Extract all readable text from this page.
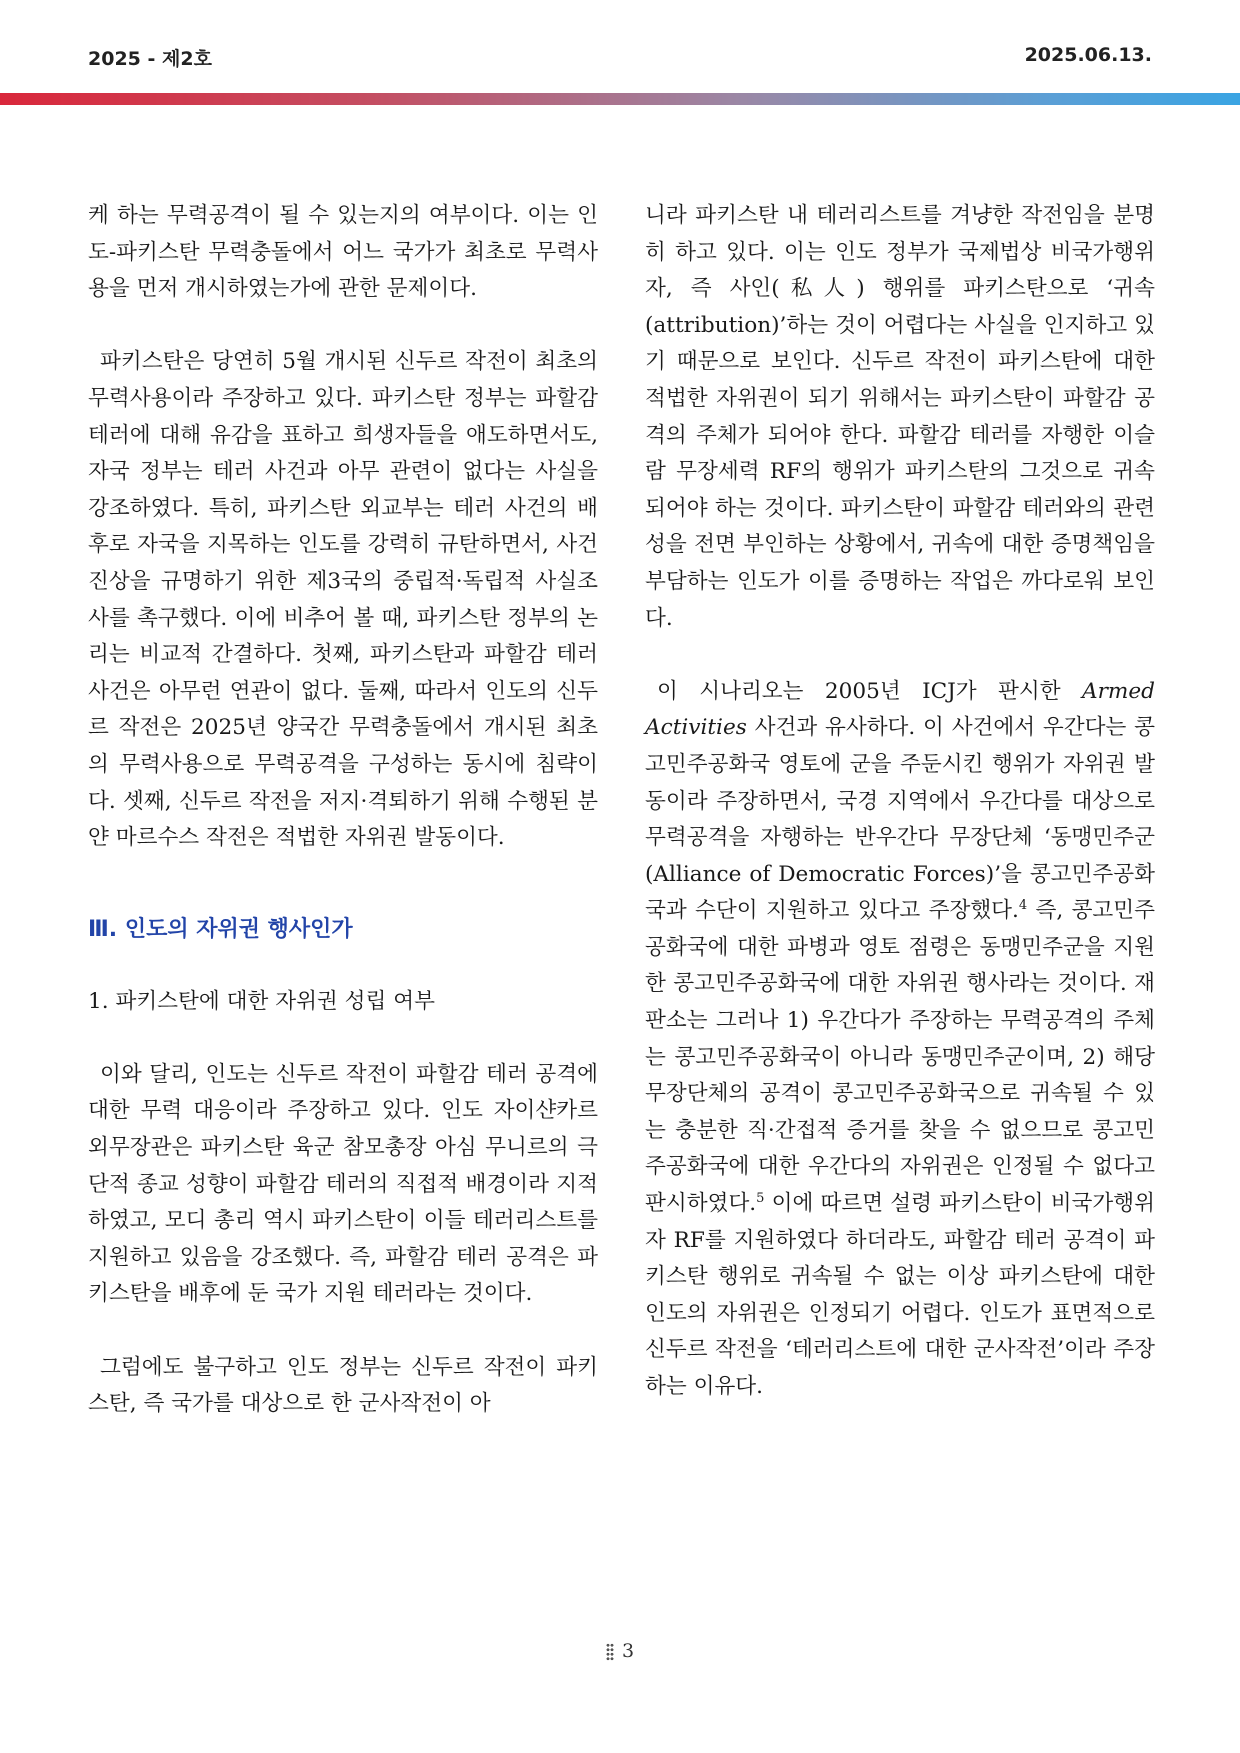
2025 - 제2호	2025.06.13.

케 하는 무력공격이 될 수 있는지의 여부이다. 이는 인도-파키스탄 무력충돌에서 어느 국가가 최초로 무력사용을 먼저 개시하였는가에 관한 문제이다.

파키스탄은 당연히 5월 개시된 신두르 작전이 최초의 무력사용이라 주장하고 있다. 파키스탄 정부는 파할감 테러에 대해 유감을 표하고 희생자들을 애도하면서도, 자국 정부는 테러 사건과 아무 관련이 없다는 사실을 강조하였다. 특히, 파키스탄 외교부는 테러 사건의 배후로 자국을 지목하는 인도를 강력히 규탄하면서, 사건 진상을 규명하기 위한 제3국의 중립적·독립적 사실조사를 촉구했다. 이에 비추어 볼 때, 파키스탄 정부의 논리는 비교적 간결하다. 첫째, 파키스탄과 파할감 테러 사건은 아무런 연관이 없다. 둘째, 따라서 인도의 신두르 작전은 2025년 양국간 무력충돌에서 개시된 최초의 무력사용으로 무력공격을 구성하는 동시에 침략이다. 셋째, 신두르 작전을 저지·격퇴하기 위해 수행된 분얀 마르수스 작전은 적법한 자위권 발동이다.

Ⅲ. 인도의 자위권 행사인가
1. 파키스탄에 대한 자위권 성립 여부

이와 달리, 인도는 신두르 작전이 파할감 테러 공격에 대한 무력 대응이라 주장하고 있다. 인도 자이샨카르 외무장관은 파키스탄 육군 참모총장 아심 무니르의 극단적 종교 성향이 파할감 테러의 직접적 배경이라 지적하였고, 모디 총리 역시 파키스탄이 이들 테러리스트를 지원하고 있음을 강조했다. 즉, 파할감 테러 공격은 파키스탄을 배후에 둔 국가 지원 테러라는 것이다.

그럼에도 불구하고 인도 정부는 신두르 작전이 파키스탄, 즉 국가를 대상으로 한 군사작전이 아

니라 파키스탄 내 테러리스트를 겨냥한 작전임을 분명히 하고 있다. 이는 인도 정부가 국제법상 비국가행위자, 즉 사인(私人) 행위를 파키스탄으로 ‘귀속(attribution)’하는 것이 어렵다는 사실을 인지하고 있기 때문으로 보인다. 신두르 작전이 파키스탄에 대한 적법한 자위권이 되기 위해서는 파키스탄이 파할감 공격의 주체가 되어야 한다. 파할감 테러를 자행한 이슬람 무장세력 RF의 행위가 파키스탄의 그것으로 귀속되어야 하는 것이다. 파키스탄이 파할감 테러와의 관련성을 전면 부인하는 상황에서, 귀속에 대한 증명책임을 부담하는 인도가 이를 증명하는 작업은 까다로워 보인다.

이 시나리오는 2005년 ICJ가 판시한 Armed Activities 사건과 유사하다. 이 사건에서 우간다는 콩고민주공화국 영토에 군을 주둔시킨 행위가 자위권 발동이라 주장하면서, 국경 지역에서 우간다를 대상으로 무력공격을 자행하는 반우간다 무장단체 ‘동맹민주군(Alliance of Democratic Forces)’을 콩고민주공화국과 수단이 지원하고 있다고 주장했다.$^4$ 즉, 콩고민주공화국에 대한 파병과 영토 점령은 동맹민주군을 지원한 콩고민주공화국에 대한 자위권 행사라는 것이다. 재판소는 그러나 1) 우간다가 주장하는 무력공격의 주체는 콩고민주공화국이 아니라 동맹민주군이며, 2) 해당 무장단체의 공격이 콩고민주공화국으로 귀속될 수 있는 충분한 직·간접적 증거를 찾을 수 없으므로 콩고민주공화국에 대한 우간다의 자위권은 인정될 수 없다고 판시하였다.$^5$ 이에 따르면 설령 파키스탄이 비국가행위자 RF를 지원하였다 하더라도, 파할감 테러 공격이 파키스탄 행위로 귀속될 수 없는 이상 파키스탄에 대한 인도의 자위권은 인정되기 어렵다. 인도가 표면적으로 신두르 작전을 ‘테러리스트에 대한 군사작전’이라 주장하는 이유다.

3
